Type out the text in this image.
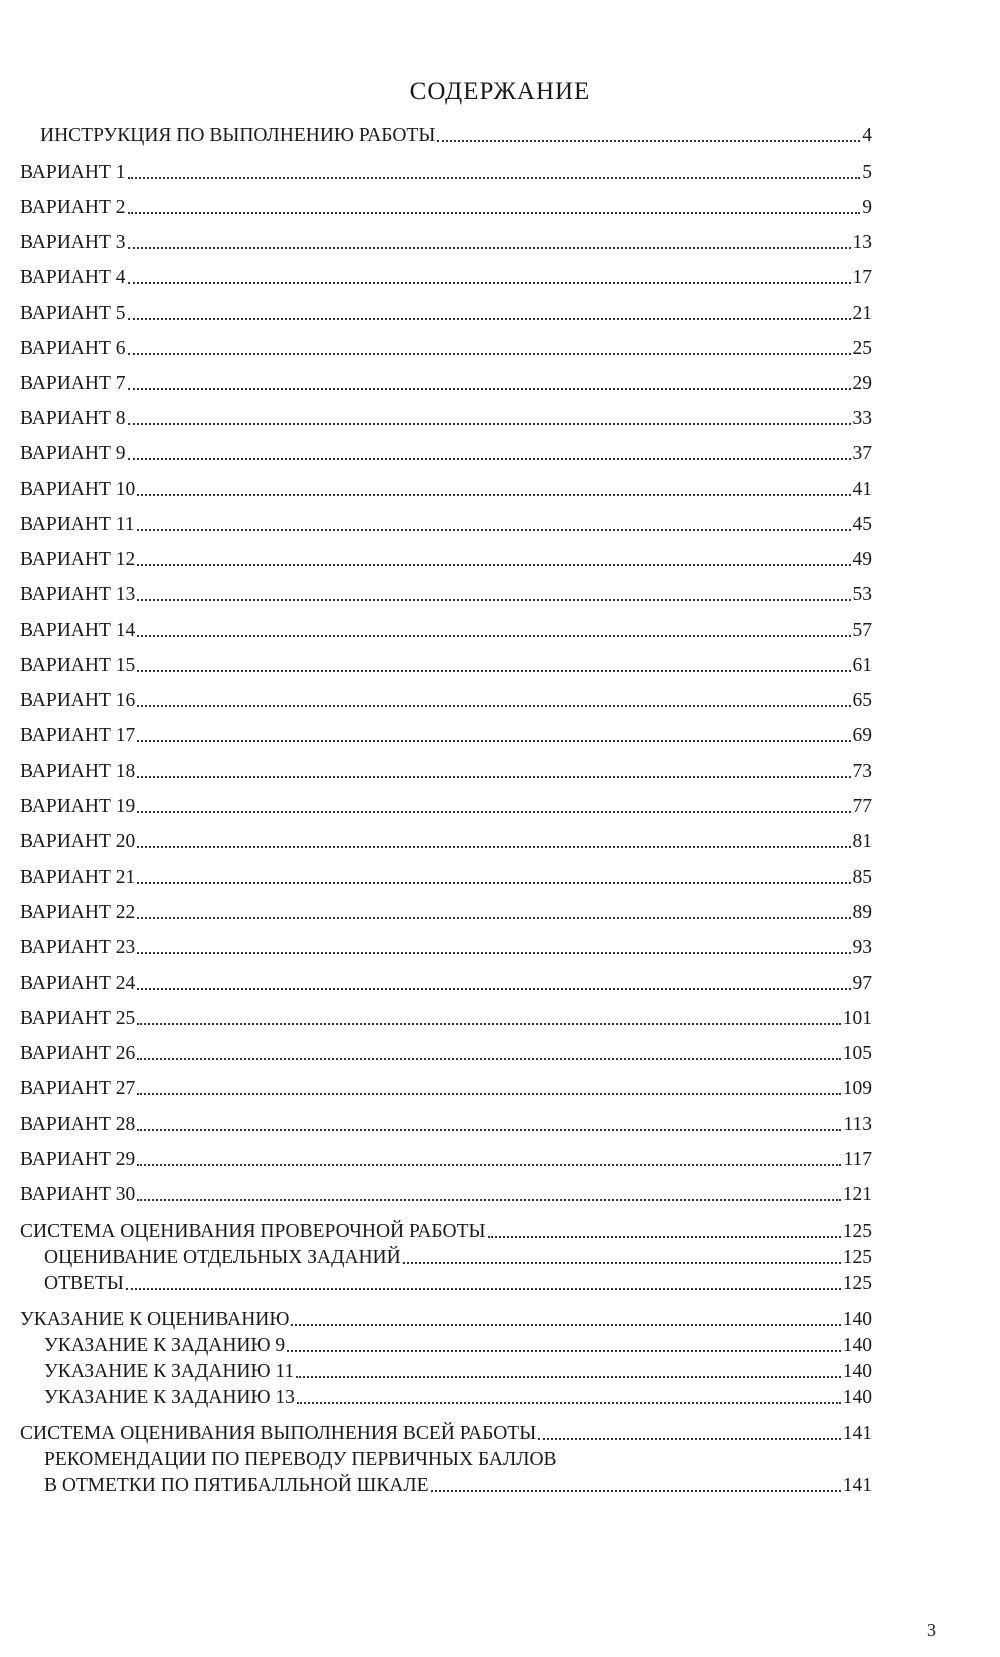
СОДЕРЖАНИЕ
ИНСТРУКЦИЯ ПО ВЫПОЛНЕНИЮ РАБОТЫ	4
ВАРИАНТ 1	5
ВАРИАНТ 2	9
ВАРИАНТ 3	13
ВАРИАНТ 4	17
ВАРИАНТ 5	21
ВАРИАНТ 6	25
ВАРИАНТ 7	29
ВАРИАНТ 8	33
ВАРИАНТ 9	37
ВАРИАНТ 10	41
ВАРИАНТ 11	45
ВАРИАНТ 12	49
ВАРИАНТ 13	53
ВАРИАНТ 14	57
ВАРИАНТ 15	61
ВАРИАНТ 16	65
ВАРИАНТ 17	69
ВАРИАНТ 18	73
ВАРИАНТ 19	77
ВАРИАНТ 20	81
ВАРИАНТ 21	85
ВАРИАНТ 22	89
ВАРИАНТ 23	93
ВАРИАНТ 24	97
ВАРИАНТ 25	101
ВАРИАНТ 26	105
ВАРИАНТ 27	109
ВАРИАНТ 28	113
ВАРИАНТ 29	117
ВАРИАНТ 30	121
СИСТЕМА ОЦЕНИВАНИЯ ПРОВЕРОЧНОЙ РАБОТЫ	125
ОЦЕНИВАНИЕ ОТДЕЛЬНЫХ ЗАДАНИЙ	125
ОТВЕТЫ	125
УКАЗАНИЕ К ОЦЕНИВАНИЮ	140
УКАЗАНИЕ К ЗАДАНИЮ 9	140
УКАЗАНИЕ К ЗАДАНИЮ 11	140
УКАЗАНИЕ К ЗАДАНИЮ 13	140
СИСТЕМА ОЦЕНИВАНИЯ ВЫПОЛНЕНИЯ ВСЕЙ РАБОТЫ	141
РЕКОМЕНДАЦИИ ПО ПЕРЕВОДУ ПЕРВИЧНЫХ БАЛЛОВ
В ОТМЕТКИ ПО ПЯТИБАЛЛЬНОЙ ШКАЛЕ	141
3
